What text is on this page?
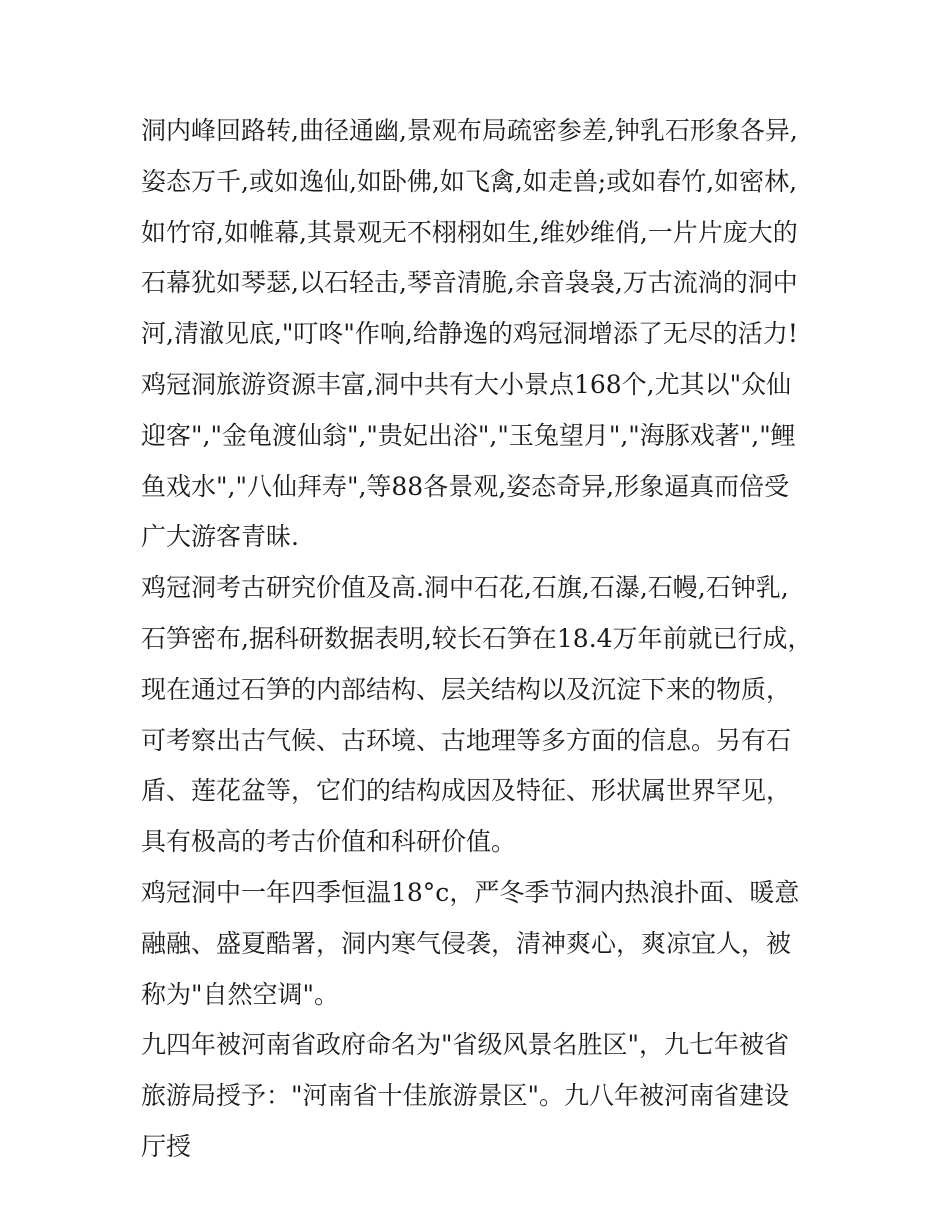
洞内峰回路转,曲径通幽,景观布局疏密参差,钟乳石形象各异,姿态万千,或如逸仙,如卧佛,如飞禽,如走兽;或如春竹,如密林,如竹帘,如帷幕,其景观无不栩栩如生,维妙维俏,一片片庞大的石幕犹如琴瑟,以石轻击,琴音清脆,余音袅袅,万古流淌的洞中河,清澈见底,"叮咚"作响,给静逸的鸡冠洞增添了无尽的活力!

鸡冠洞旅游资源丰富,洞中共有大小景点168个,尤其以"众仙迎客","金龟渡仙翁","贵妃出浴","玉兔望月","海豚戏著","鲤鱼戏水","八仙拜寿",等88各景观,姿态奇异,形象逼真而倍受广大游客青昧.

鸡冠洞考古研究价值及高.洞中石花,石旗,石瀑,石幔,石钟乳,石笋密布,据科研数据表明,较长石笋在18.4万年前就已行成，现在通过石笋的内部结构、层关结构以及沉淀下来的物质，可考察出古气候、古环境、古地理等多方面的信息。另有石盾、莲花盆等，它们的结构成因及特征、形状属世界罕见，具有极高的考古价值和科研价值。

鸡冠洞中一年四季恒温18°c，严冬季节洞内热浪扑面、暖意融融、盛夏酷署，洞内寒气侵袭，清神爽心，爽凉宜人，被称为"自然空调"。

九四年被河南省政府命名为"省级风景名胜区"，九七年被省旅游局授予："河南省十佳旅游景区"。九八年被河南省建设厅授
